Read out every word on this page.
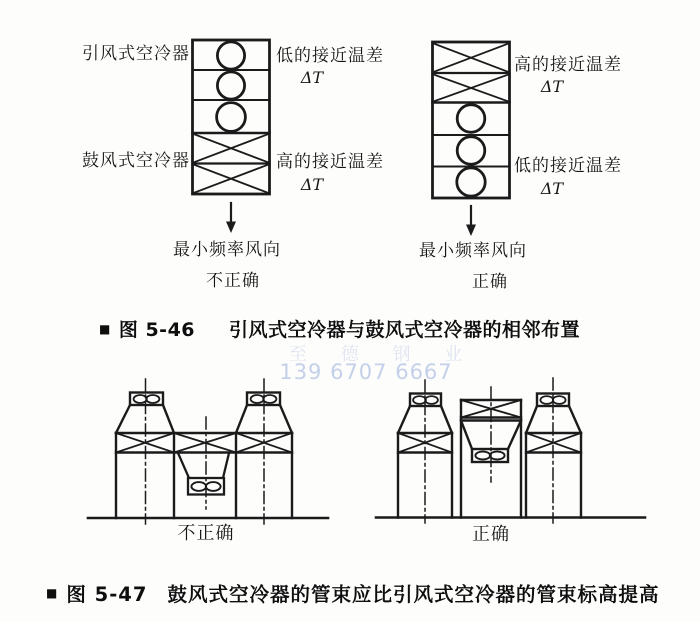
引风式空冷器
鼓风式空冷器
低的接近温差
ΔT
高的接近温差
ΔT
高的接近温差
ΔT
低的接近温差
ΔT
最小频率风向
不正确
最小频率风向
正确
■ 图 5-46 引风式空冷器与鼓风式空冷器的相邻布置
至 德 钢 业
139 6707 6667
不正确	正确
■ 图 5-47 鼓风式空冷器的管束应比引风式空冷器的管束标高提高
